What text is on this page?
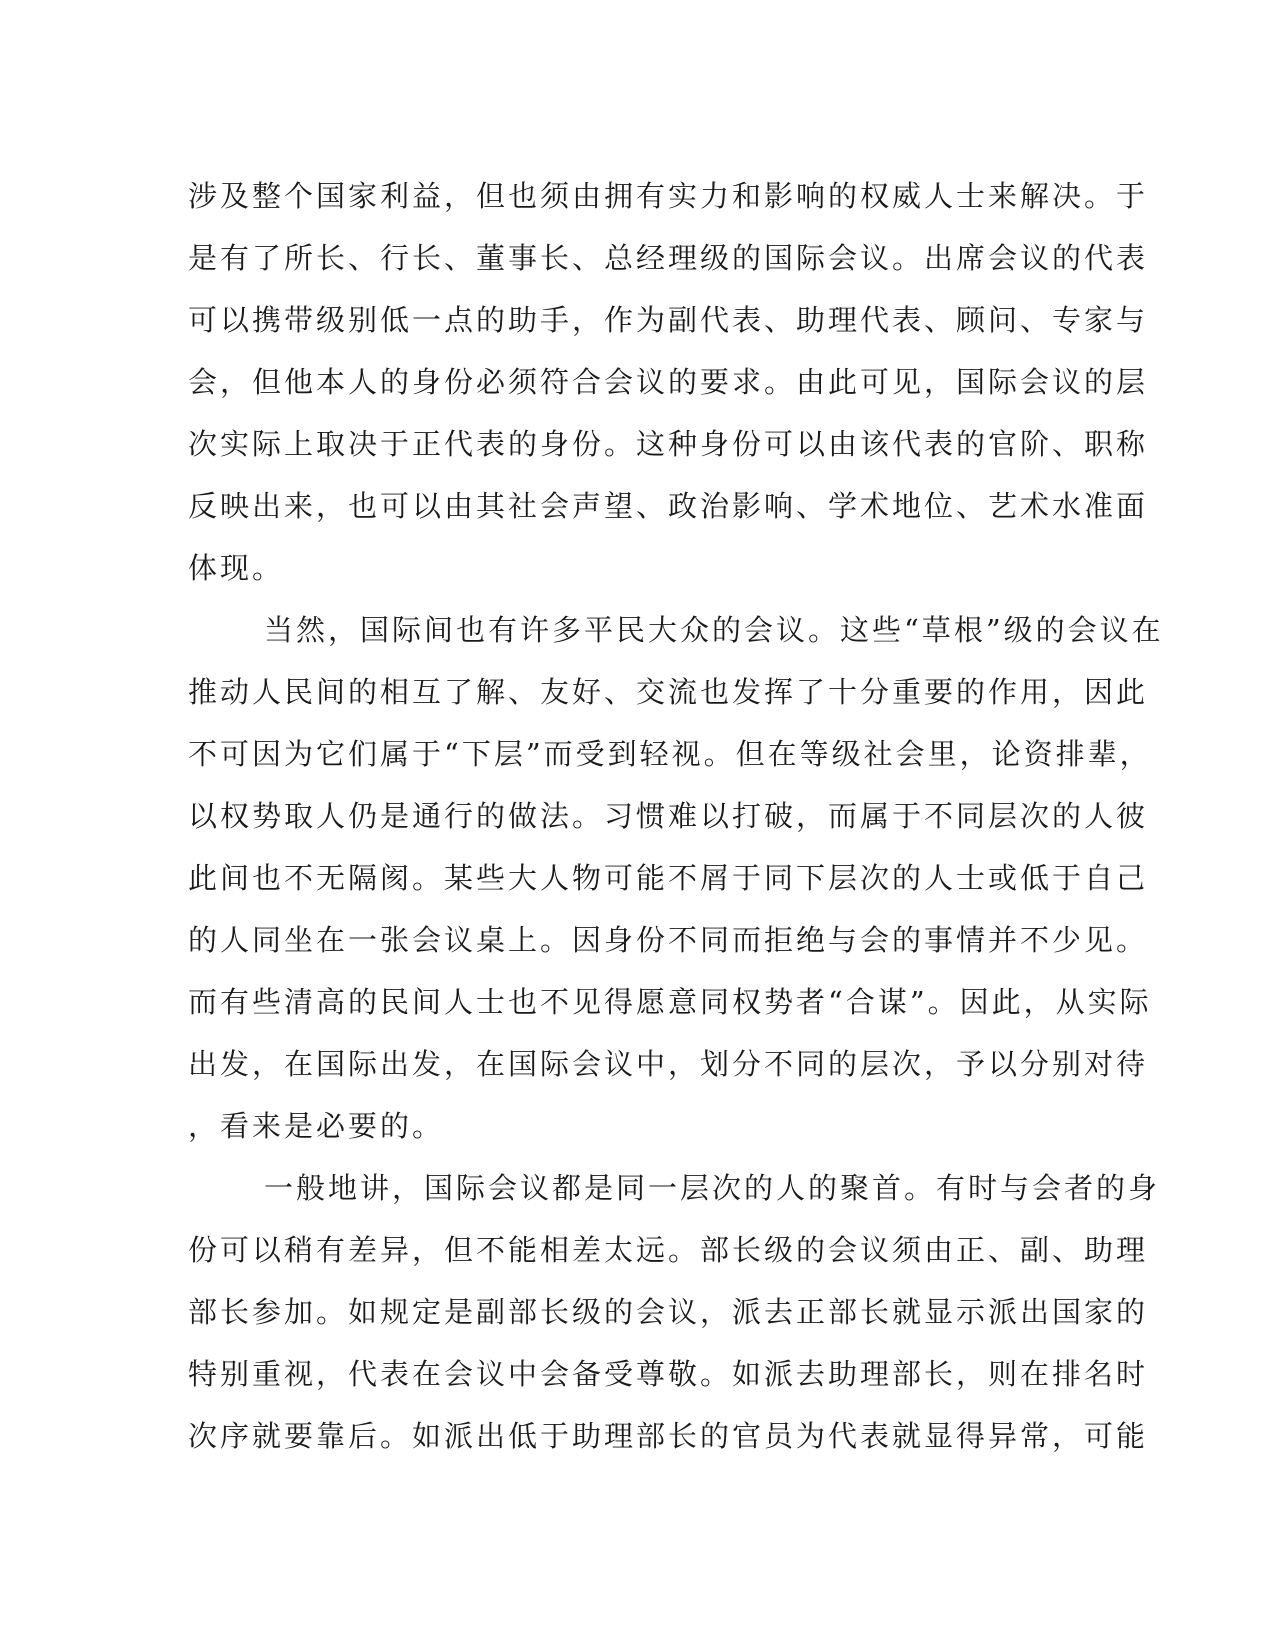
涉及整个国家利益，但也须由拥有实力和影响的权威人士来解决。于
是有了所长、行长、董事长、总经理级的国际会议。出席会议的代表
可以携带级别低一点的助手，作为副代表、助理代表、顾问、专家与
会，但他本人的身份必须符合会议的要求。由此可见，国际会议的层
次实际上取决于正代表的身份。这种身份可以由该代表的官阶、职称
反映出来，也可以由其社会声望、政治影响、学术地位、艺术水准面
体现。
当然，国际间也有许多平民大众的会议。这些“草根”级的会议在
推动人民间的相互了解、友好、交流也发挥了十分重要的作用，因此
不可因为它们属于“下层”而受到轻视。但在等级社会里，论资排辈，
以权势取人仍是通行的做法。习惯难以打破，而属于不同层次的人彼
此间也不无隔阂。某些大人物可能不屑于同下层次的人士或低于自己
的人同坐在一张会议桌上。因身份不同而拒绝与会的事情并不少见。
而有些清高的民间人士也不见得愿意同权势者“合谋”。因此，从实际
出发，在国际出发，在国际会议中，划分不同的层次，予以分别对待
，看来是必要的。
一般地讲，国际会议都是同一层次的人的聚首。有时与会者的身
份可以稍有差异，但不能相差太远。部长级的会议须由正、副、助理
部长参加。如规定是副部长级的会议，派去正部长就显示派出国家的
特别重视，代表在会议中会备受尊敬。如派去助理部长，则在排名时
次序就要靠后。如派出低于助理部长的官员为代表就显得异常，可能
